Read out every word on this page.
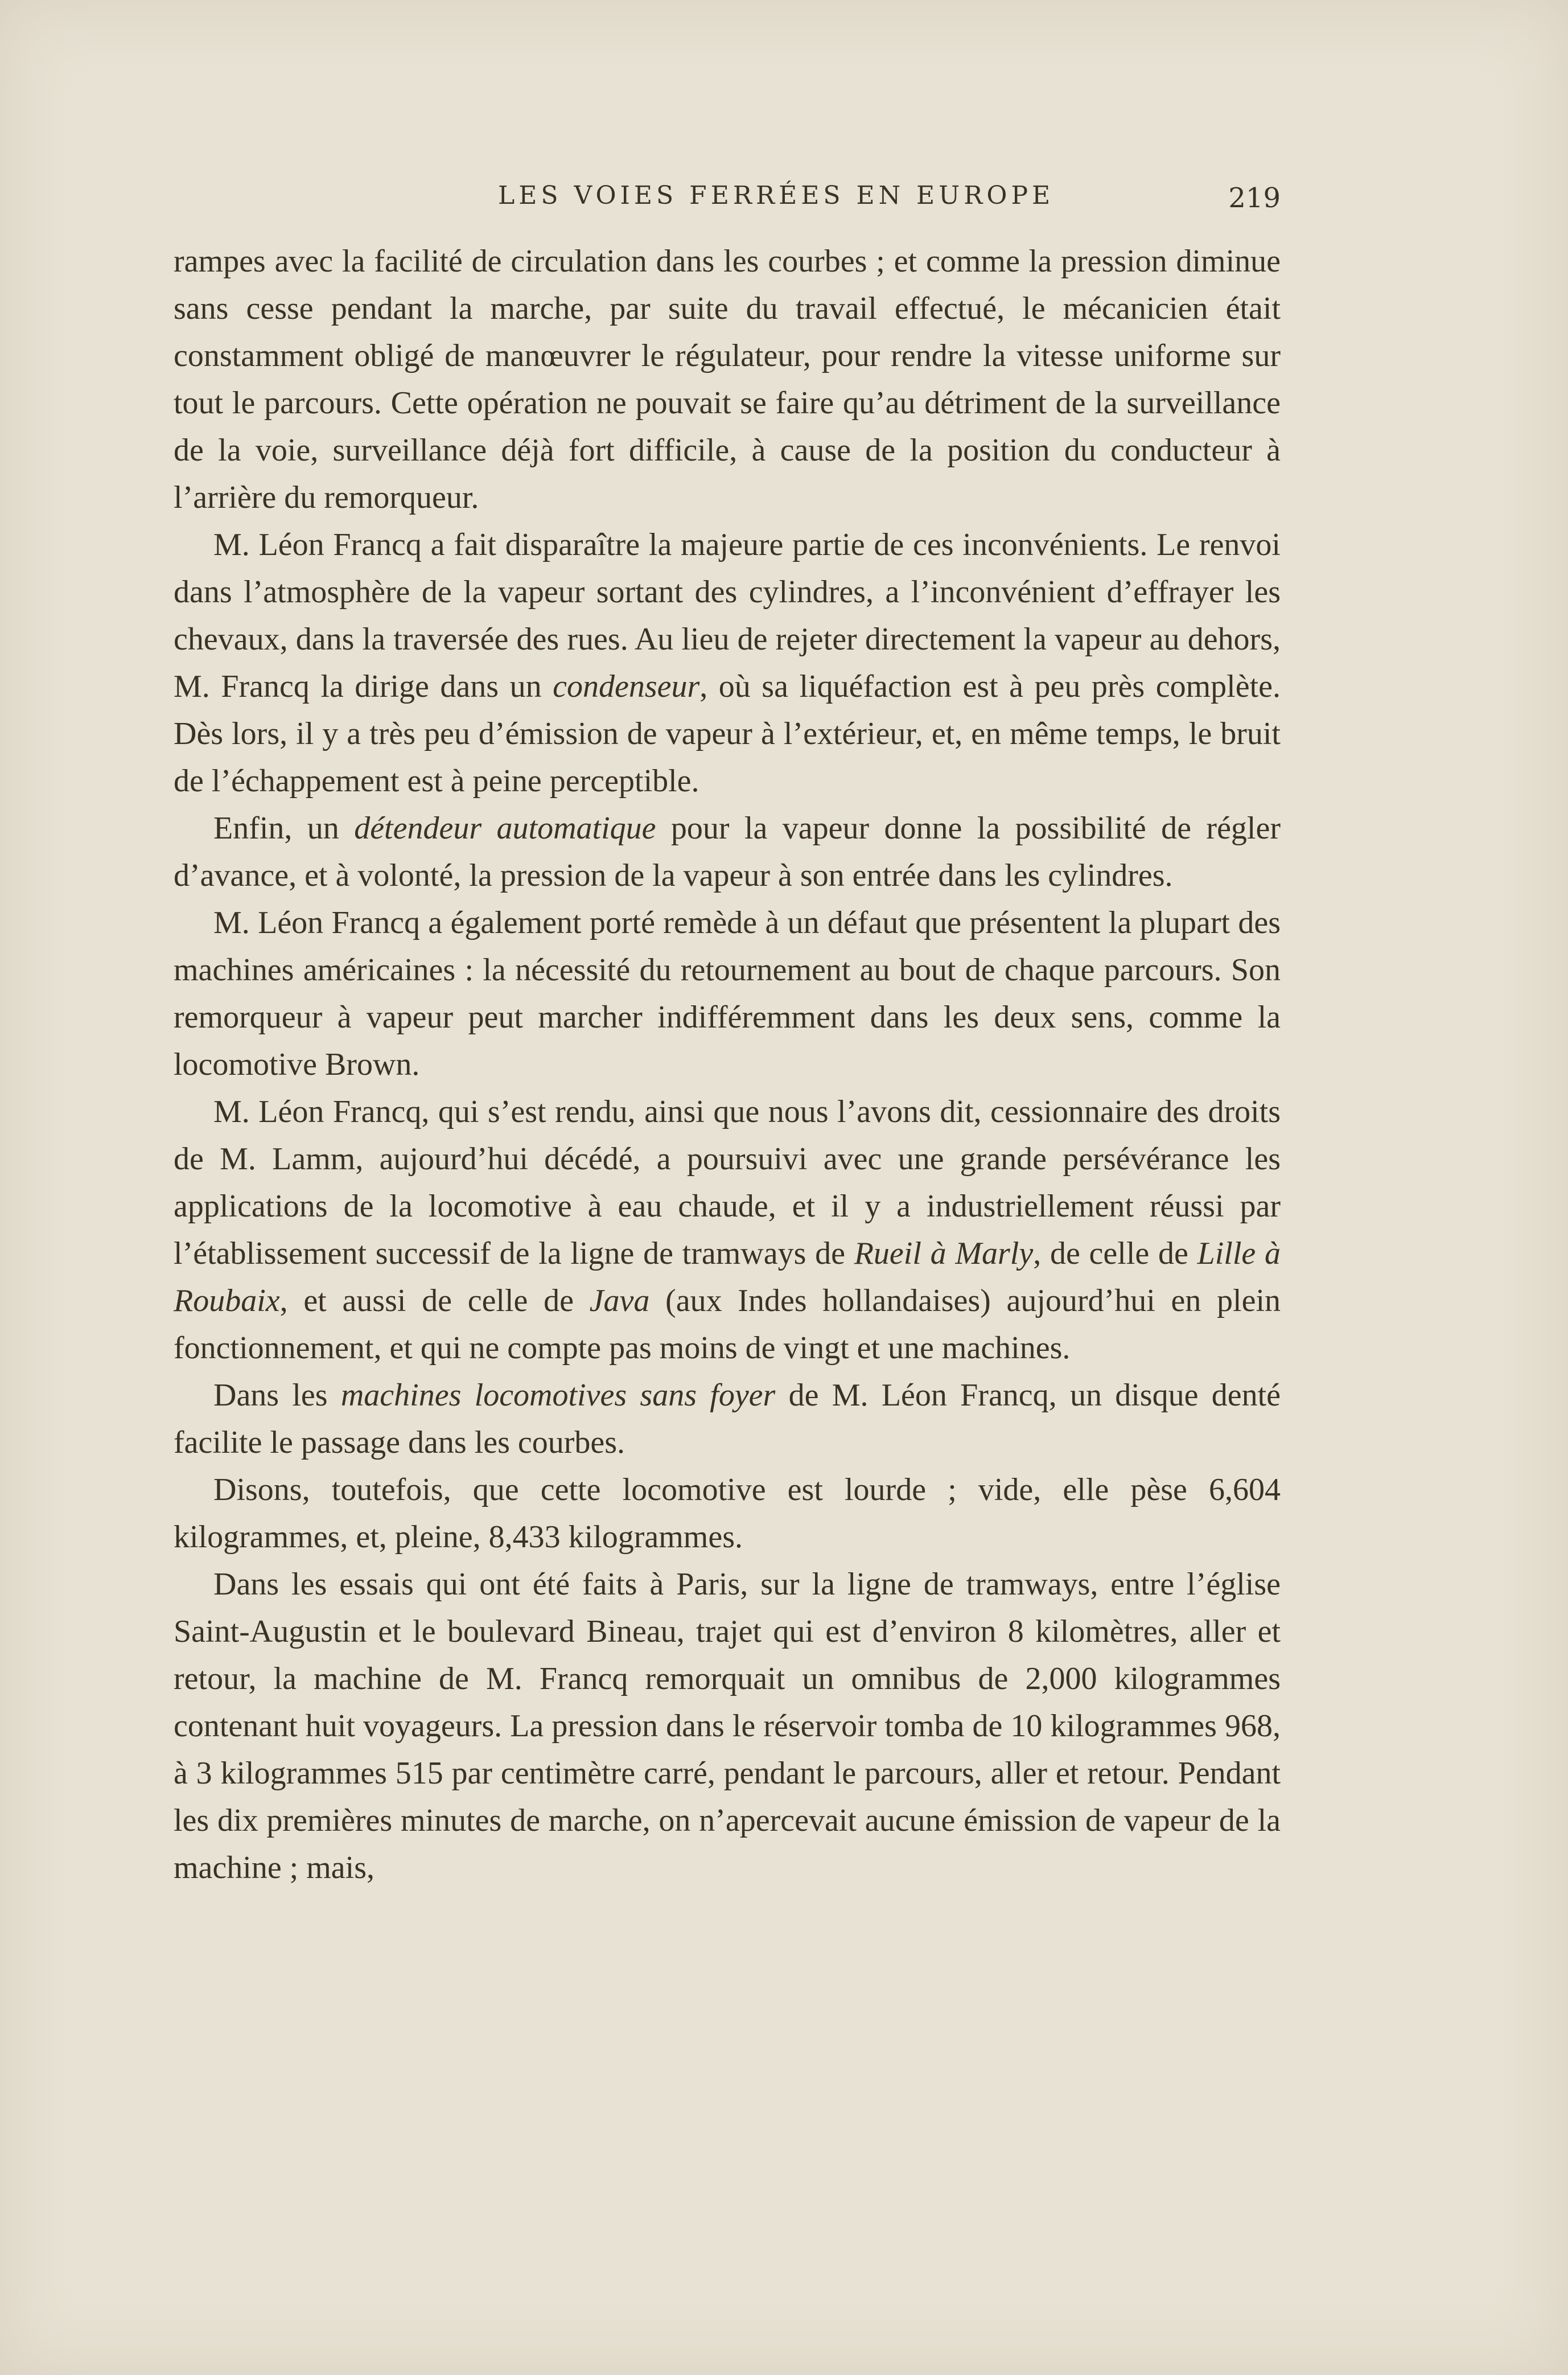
LES VOIES FERRÉES EN EUROPE	219

rampes avec la facilité de circulation dans les courbes ; et comme la pression diminue sans cesse pendant la marche, par suite du travail effectué, le mécanicien était constamment obligé de manœuvrer le régulateur, pour rendre la vitesse uniforme sur tout le parcours. Cette opération ne pouvait se faire qu’au détriment de la surveillance de la voie, surveillance déjà fort difficile, à cause de la position du conducteur à l’arrière du remorqueur.

M. Léon Francq a fait disparaître la majeure partie de ces inconvénients. Le renvoi dans l’atmosphère de la vapeur sortant des cylindres, a l’inconvénient d’effrayer les chevaux, dans la traversée des rues. Au lieu de rejeter directement la vapeur au dehors, M. Francq la dirige dans un condenseur, où sa liquéfaction est à peu près complète. Dès lors, il y a très peu d’émission de vapeur à l’extérieur, et, en même temps, le bruit de l’échappement est à peine perceptible.

Enfin, un détendeur automatique pour la vapeur donne la possibilité de régler d’avance, et à volonté, la pression de la vapeur à son entrée dans les cylindres.

M. Léon Francq a également porté remède à un défaut que présentent la plupart des machines américaines : la nécessité du retournement au bout de chaque parcours. Son remorqueur à vapeur peut marcher indifféremment dans les deux sens, comme la locomotive Brown.

M. Léon Francq, qui s’est rendu, ainsi que nous l’avons dit, cessionnaire des droits de M. Lamm, aujourd’hui décédé, a poursuivi avec une grande persévérance les applications de la locomotive à eau chaude, et il y a industriellement réussi par l’établissement successif de la ligne de tramways de Rueil à Marly, de celle de Lille à Roubaix, et aussi de celle de Java (aux Indes hollandaises) aujourd’hui en plein fonctionnement, et qui ne compte pas moins de vingt et une machines.

Dans les machines locomotives sans foyer de M. Léon Francq, un disque denté facilite le passage dans les courbes.

Disons, toutefois, que cette locomotive est lourde ; vide, elle pèse 6,604 kilogrammes, et, pleine, 8,433 kilogrammes.

Dans les essais qui ont été faits à Paris, sur la ligne de tramways, entre l’église Saint-Augustin et le boulevard Bineau, trajet qui est d’environ 8 kilomètres, aller et retour, la machine de M. Francq remorquait un omnibus de 2,000 kilogrammes contenant huit voyageurs. La pression dans le réservoir tomba de 10 kilogrammes 968, à 3 kilogrammes 515 par centimètre carré, pendant le parcours, aller et retour. Pendant les dix premières minutes de marche, on n’apercevait aucune émission de vapeur de la machine ; mais,
